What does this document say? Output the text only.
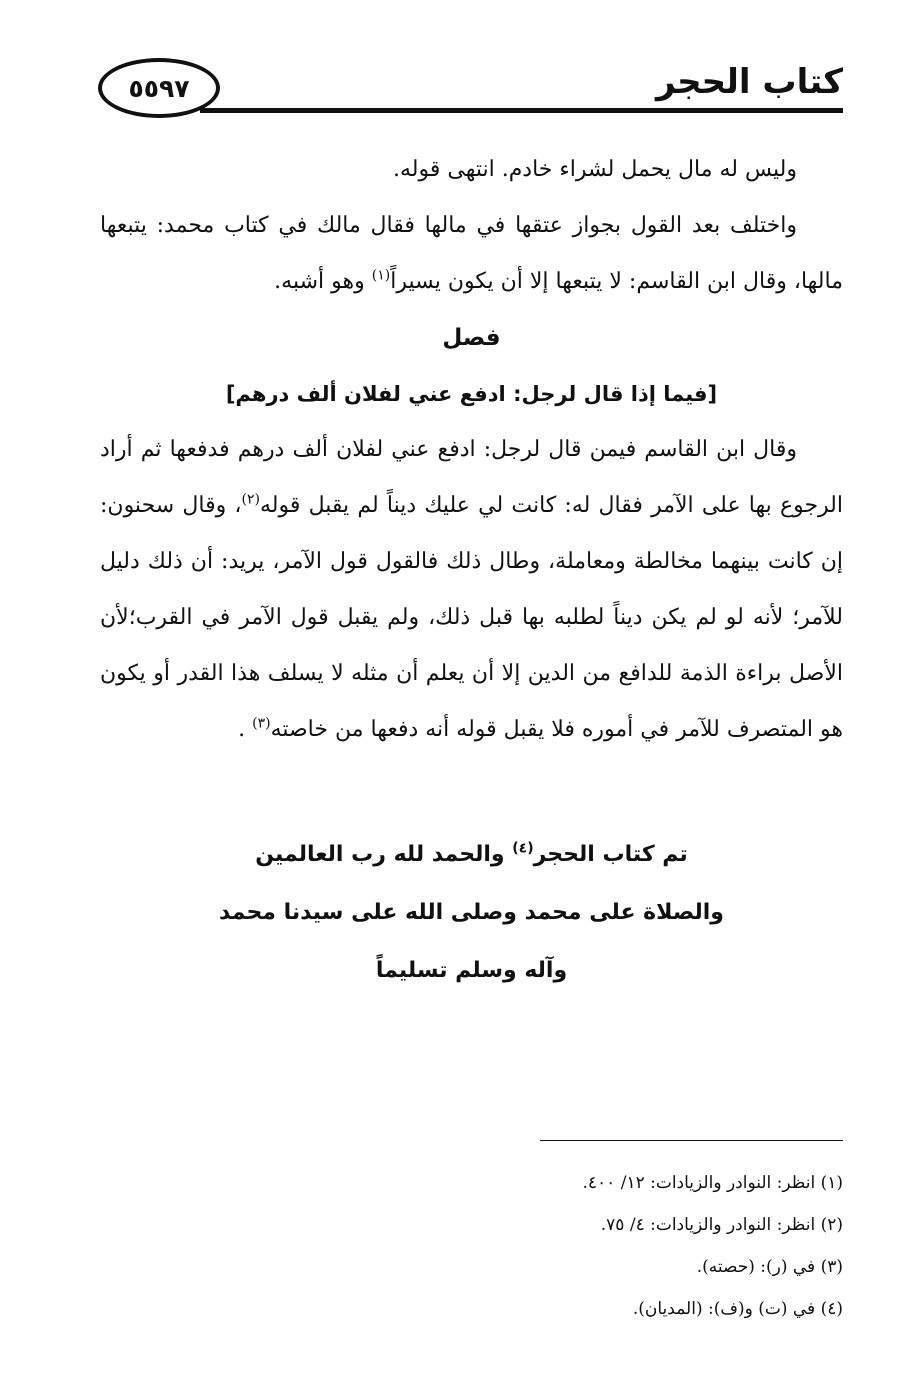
كتاب الحجر
٥٥٩٧

وليس له مال يحمل لشراء خادم. انتهى قوله.

واختلف بعد القول بجواز عتقها في مالها فقال مالك في كتاب محمد: يتبعها مالها، وقال ابن القاسم: لا يتبعها إلا أن يكون يسيراً$^{(١)}$ وهو أشبه.

فصل

[فيما إذا قال لرجل: ادفع عني لفلان ألف درهم]

وقال ابن القاسم فيمن قال لرجل: ادفع عني لفلان ألف درهم فدفعها ثم أراد الرجوع بها على الآمر فقال له: كانت لي عليك ديناً لم يقبل قوله$^{(٢)}$، وقال سحنون: إن كانت بينهما مخالطة ومعاملة، وطال ذلك فالقول قول الآمر، يريد: أن ذلك دليل للآمر؛ لأنه لو لم يكن ديناً لطلبه بها قبل ذلك، ولم يقبل قول الآمر في القرب؛لأن الأصل براءة الذمة للدافع من الدين إلا أن يعلم أن مثله لا يسلف هذا القدر أو يكون هو المتصرف للآمر في أموره فلا يقبل قوله أنه دفعها من خاصته$^{(٣)}$ .

تم كتاب الحجر$^{(٤)}$ والحمد لله رب العالمين
والصلاة على محمد وصلى الله على سيدنا محمد
وآله وسلم تسليماً
(١) انظر: النوادر والزيادات: ١٢/ ٤٠٠.
(٢) انظر: النوادر والزيادات: ٤/ ٧٥.
(٣) في (ر): (حصته).
(٤) في (ت) و(ف): (المديان).
